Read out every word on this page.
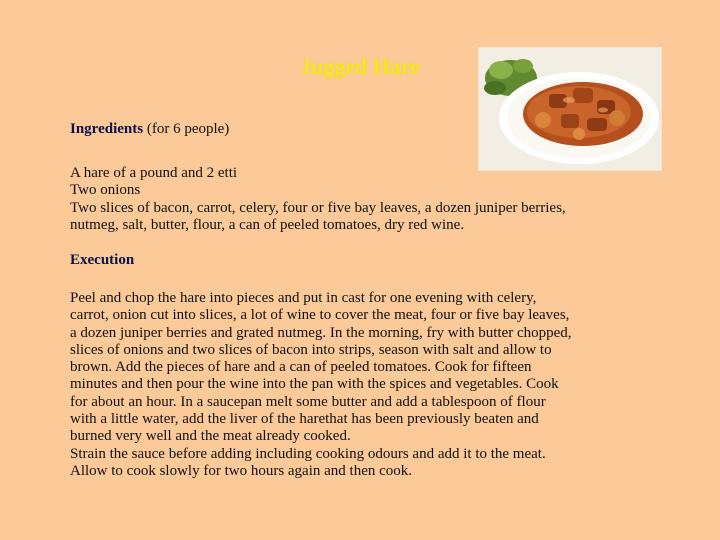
Jugged Hare
Ingredients (for 6 people)
A hare of a pound and 2 etti
Two onions
Two slices of bacon, carrot, celery, four or five bay leaves, a dozen juniper berries,
nutmeg, salt, butter, flour, a can of peeled tomatoes, dry red wine.
Execution
Peel and chop the hare into pieces and put in cast for one evening with celery,
carrot, onion cut into slices, a lot of wine to cover the meat, four or five bay leaves,
a dozen juniper berries and grated nutmeg. In the morning, fry with butter chopped,
slices of onions and two slices of bacon into strips, season with salt and allow to
brown. Add the pieces of hare and a can of peeled tomatoes. Cook for fifteen
minutes and then pour the wine into the pan with the spices and vegetables. Cook
for about an hour. In a saucepan melt some butter and add a tablespoon of flour
with a little water, add the liver of the harethat has been previously beaten and
burned very well and the meat already cooked.
Strain the sauce before adding including cooking odours and add it to the meat.
Allow to cook slowly for two hours again and then cook.
